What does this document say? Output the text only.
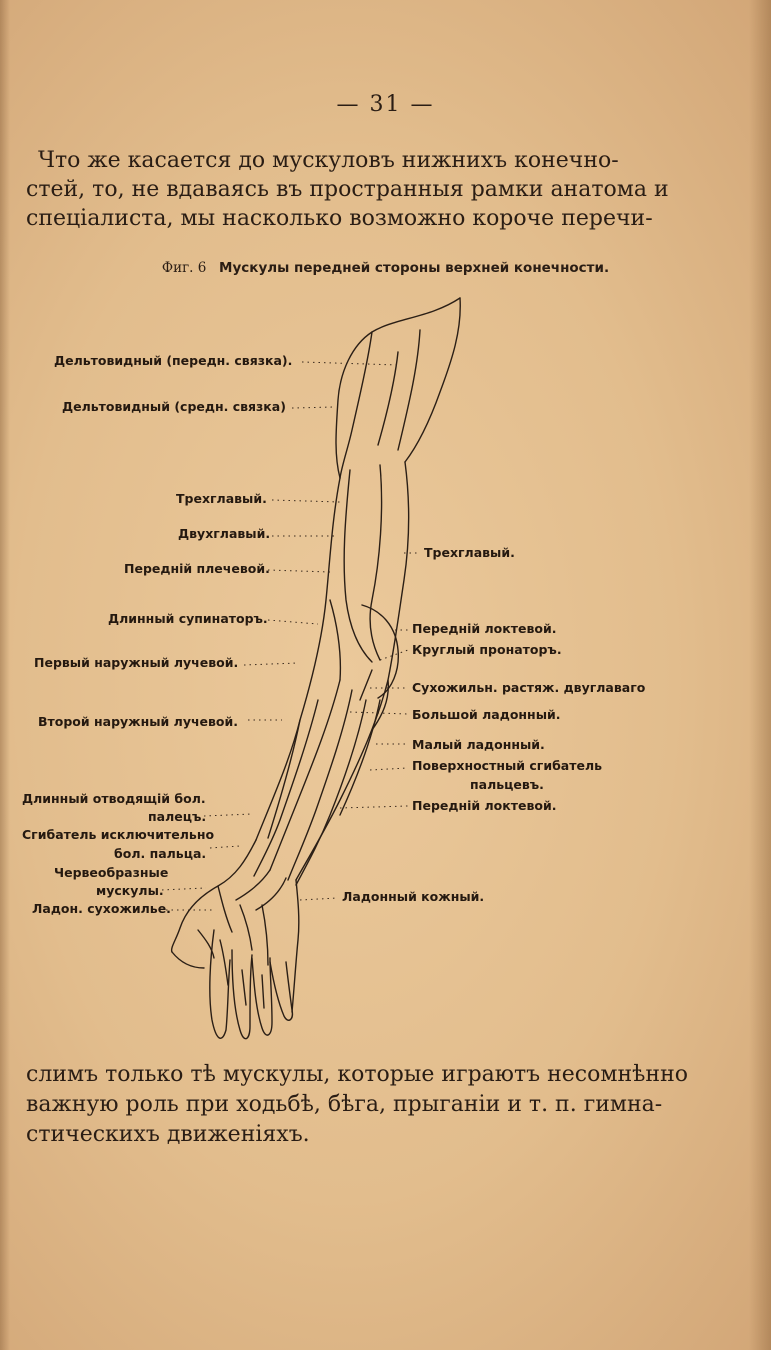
— 31 —
Что же касается до мускуловъ нижнихъ конечно-
стей, то, не вдаваясь въ пространныя рамки анатома и
спеціалиста, мы насколько возможно короче перечи-
Фиг. 6 Мускулы передней стороны верхней конечности.
Дельтовидный (передн. связка).
Дельтовидный (средн. связка)
Трехглавый.
Двухглавый.
Передній плечевой.
Длинный супинаторъ.
Первый наружный лучевой.
Второй наружный лучевой.
Длинный отводящій бол.
палецъ.
Сгибатель исключительно
бол. пальца.
Червеобразные
мускулы.
Ладон. сухожилье.
Трехглавый.
Передній локтевой.
Круглый пронаторъ.
Сухожильн. растяж. двуглаваго
Большой ладонный.
Малый ладонный.
Поверхностный сгибатель
пальцевъ.
Передній локтевой.
Ладонный кожный.
слимъ только тѣ мускулы, которые играютъ несомнѣнно
важную роль при ходьбѣ, бѣга, прыганіи и т. п. гимна-
стическихъ движеніяхъ.
